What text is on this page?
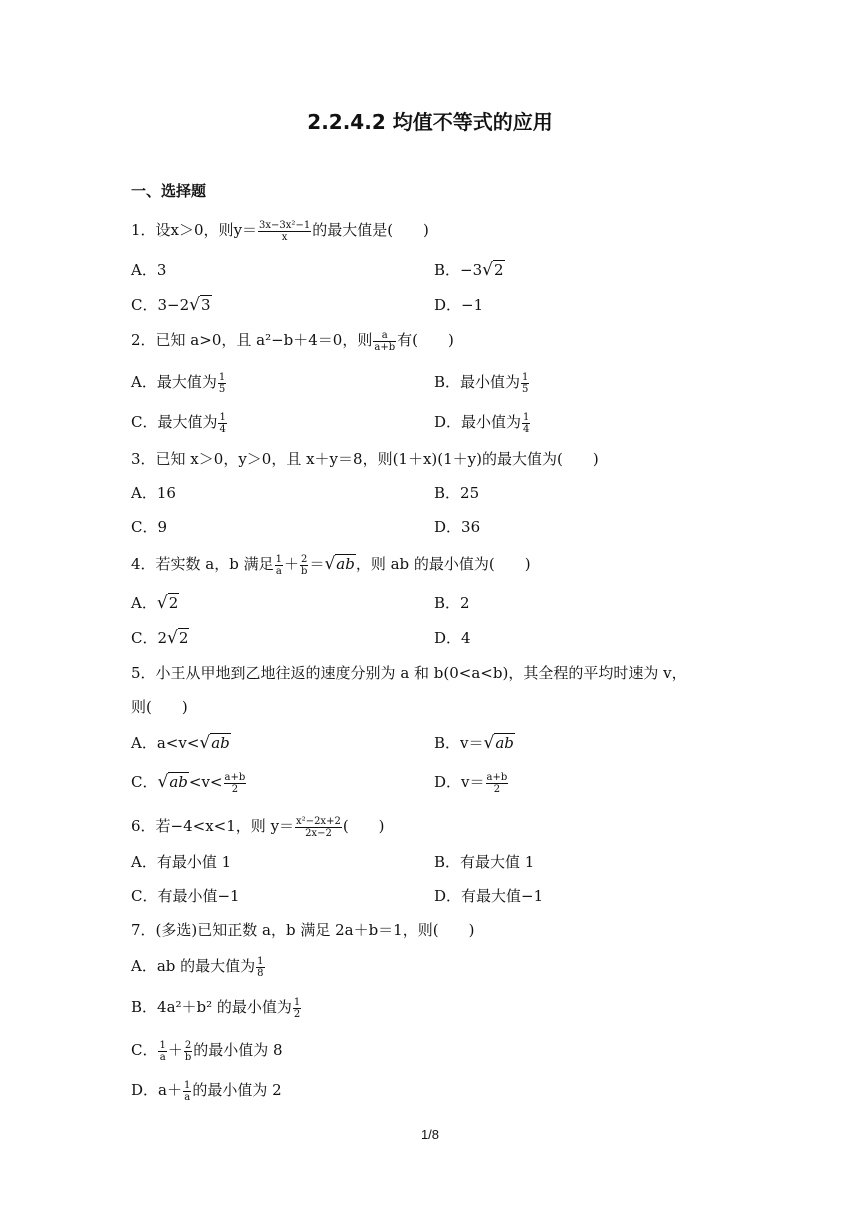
2.2.4.2 均值不等式的应用
一、选择题
1．设x＞0，则$y= \frac{\text{3x−3x²−1}}{x}$ 的最大值是(　　)
A．3	B．−3√2
C．3−2√3	D．−1
2．已知 a>0，且 a²−b＋4＝0，则 $\frac{a}{a+b}$ 有(　　)
A．最大值为 $\frac{1}{5}$	B．最小值为 $\frac{1}{5}$
C．最大值为 $\frac{1}{4}$	D．最小值为 $\frac{1}{4}$
3．已知 x＞0，y＞0，且 x＋y＝8，则(1＋x)(1＋y)的最大值为(　　)
A．16	B．25
C．9	D．36
4．若实数 a，b 满足 $\frac{1}{a} + \frac{2}{b} =√ab$，则 ab 的最小值为(　　)
A．√2	B．2
C．2√2	D．4
5．小王从甲地到乙地往返的速度分别为 a 和 b(0<a<b)，其全程的平均时速为 v，
则(　　)
A．a<v<√ab	B．v＝√ab
C．$√ab<v< \frac{a+b}{2}$	D．$v= \frac{a+b}{2}$
6．若−4<x<1，则 $y= \frac{\text{x²−2x+2}}{2x-2}$ (　　)
A．有最小值 1	B．有最大值 1
C．有最小值−1	D．有最大值−1
7．(多选)已知正数 a，b 满足 2a＋b＝1，则(　　)
A．ab 的最大值为 $\frac{1}{8}$
B．4a²＋b² 的最小值为 $\frac{1}{2}$
C． $\frac{1}{a} + \frac{2}{b}$ 的最小值为 8
D．$a+ \frac{1}{a}$ 的最小值为 2
1/8
